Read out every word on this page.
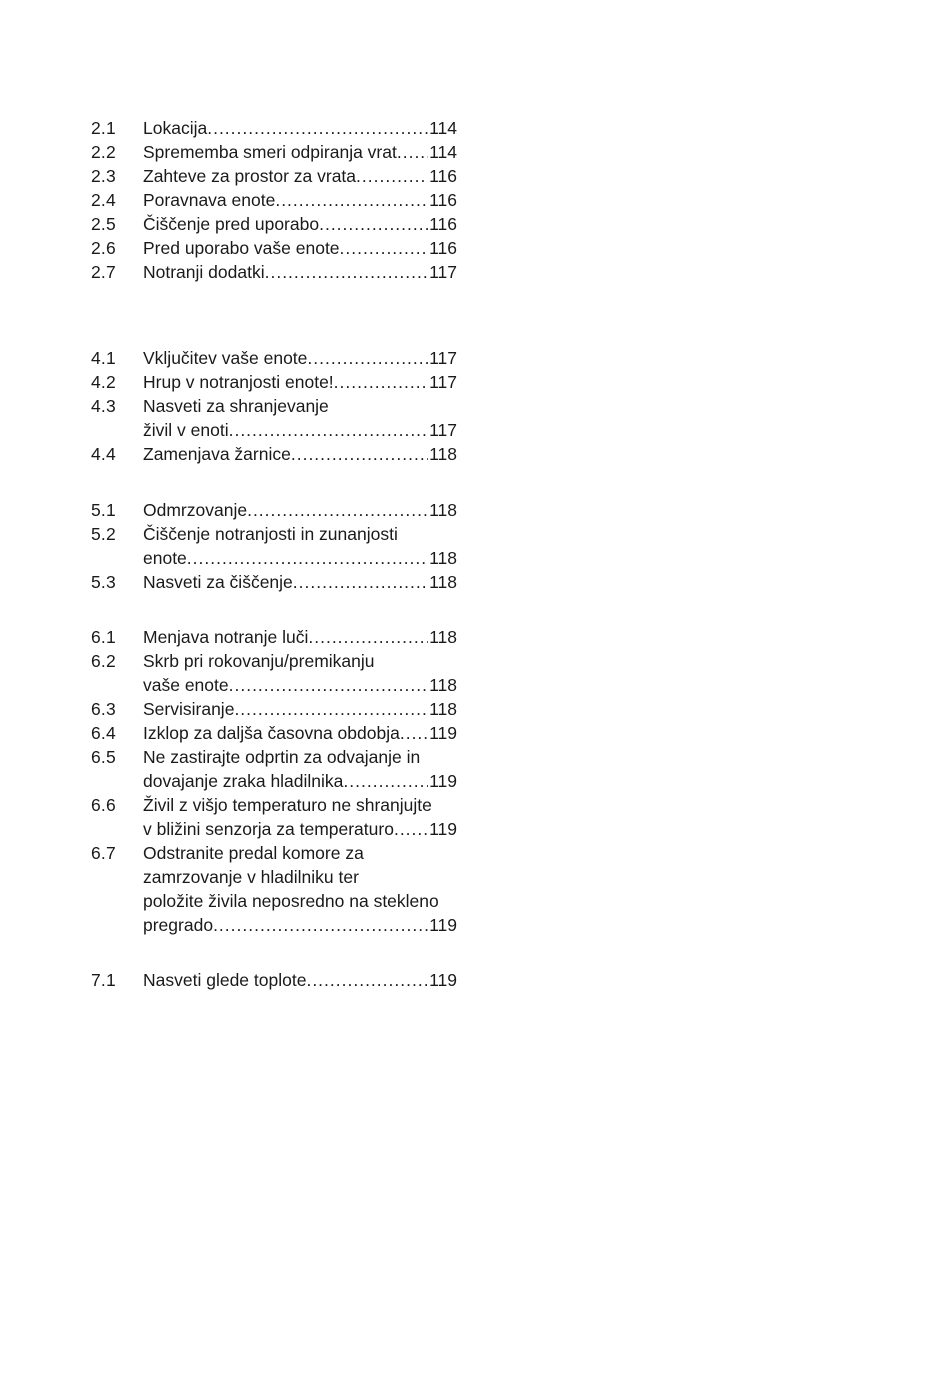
2.1	Lokacija .....	114
2.2	Sprememba smeri odpiranja vrat ..... 114
2.3	Zahteve za prostor za vrata .....	116
2.4	Poravnava enote .....	116
2.5	Čiščenje pred uporabo .....	116
2.6	Pred uporabo vaše enote .....	116
2.7	Notranji dodatki .....	117
4.1	Vključitev vaše enote .....	117
4.2	Hrup v notranjosti enote! .....	117
4.3	Nasveti za shranjevanje
živil v enoti .....	117
4.4	Zamenjava žarnice .....	118
5.1	Odmrzovanje .....	118
5.2	Čiščenje notranjosti in zunanjosti
enote .....	118
5.3	Nasveti za čiščenje .....	118
6.1	Menjava notranje luči .....	118
6.2	Skrb pri rokovanju/premikanju
vaše enote .....	118
6.3	Servisiranje .....	118
6.4	Izklop za daljša časovna obdobja ..... 119
6.5	Ne zastirajte odprtin za odvajanje in
dovajanje zraka hladilnika .....	119
6.6	Živil z višjo temperaturo ne shranjujte
v bližini senzorja za temperaturo ..... 119
6.7	Odstranite predal komore za
zamrzovanje v hladilniku ter
položite živila neposredno na stekleno
pregrado .....	119
7.1	Nasveti glede toplote .....	119
